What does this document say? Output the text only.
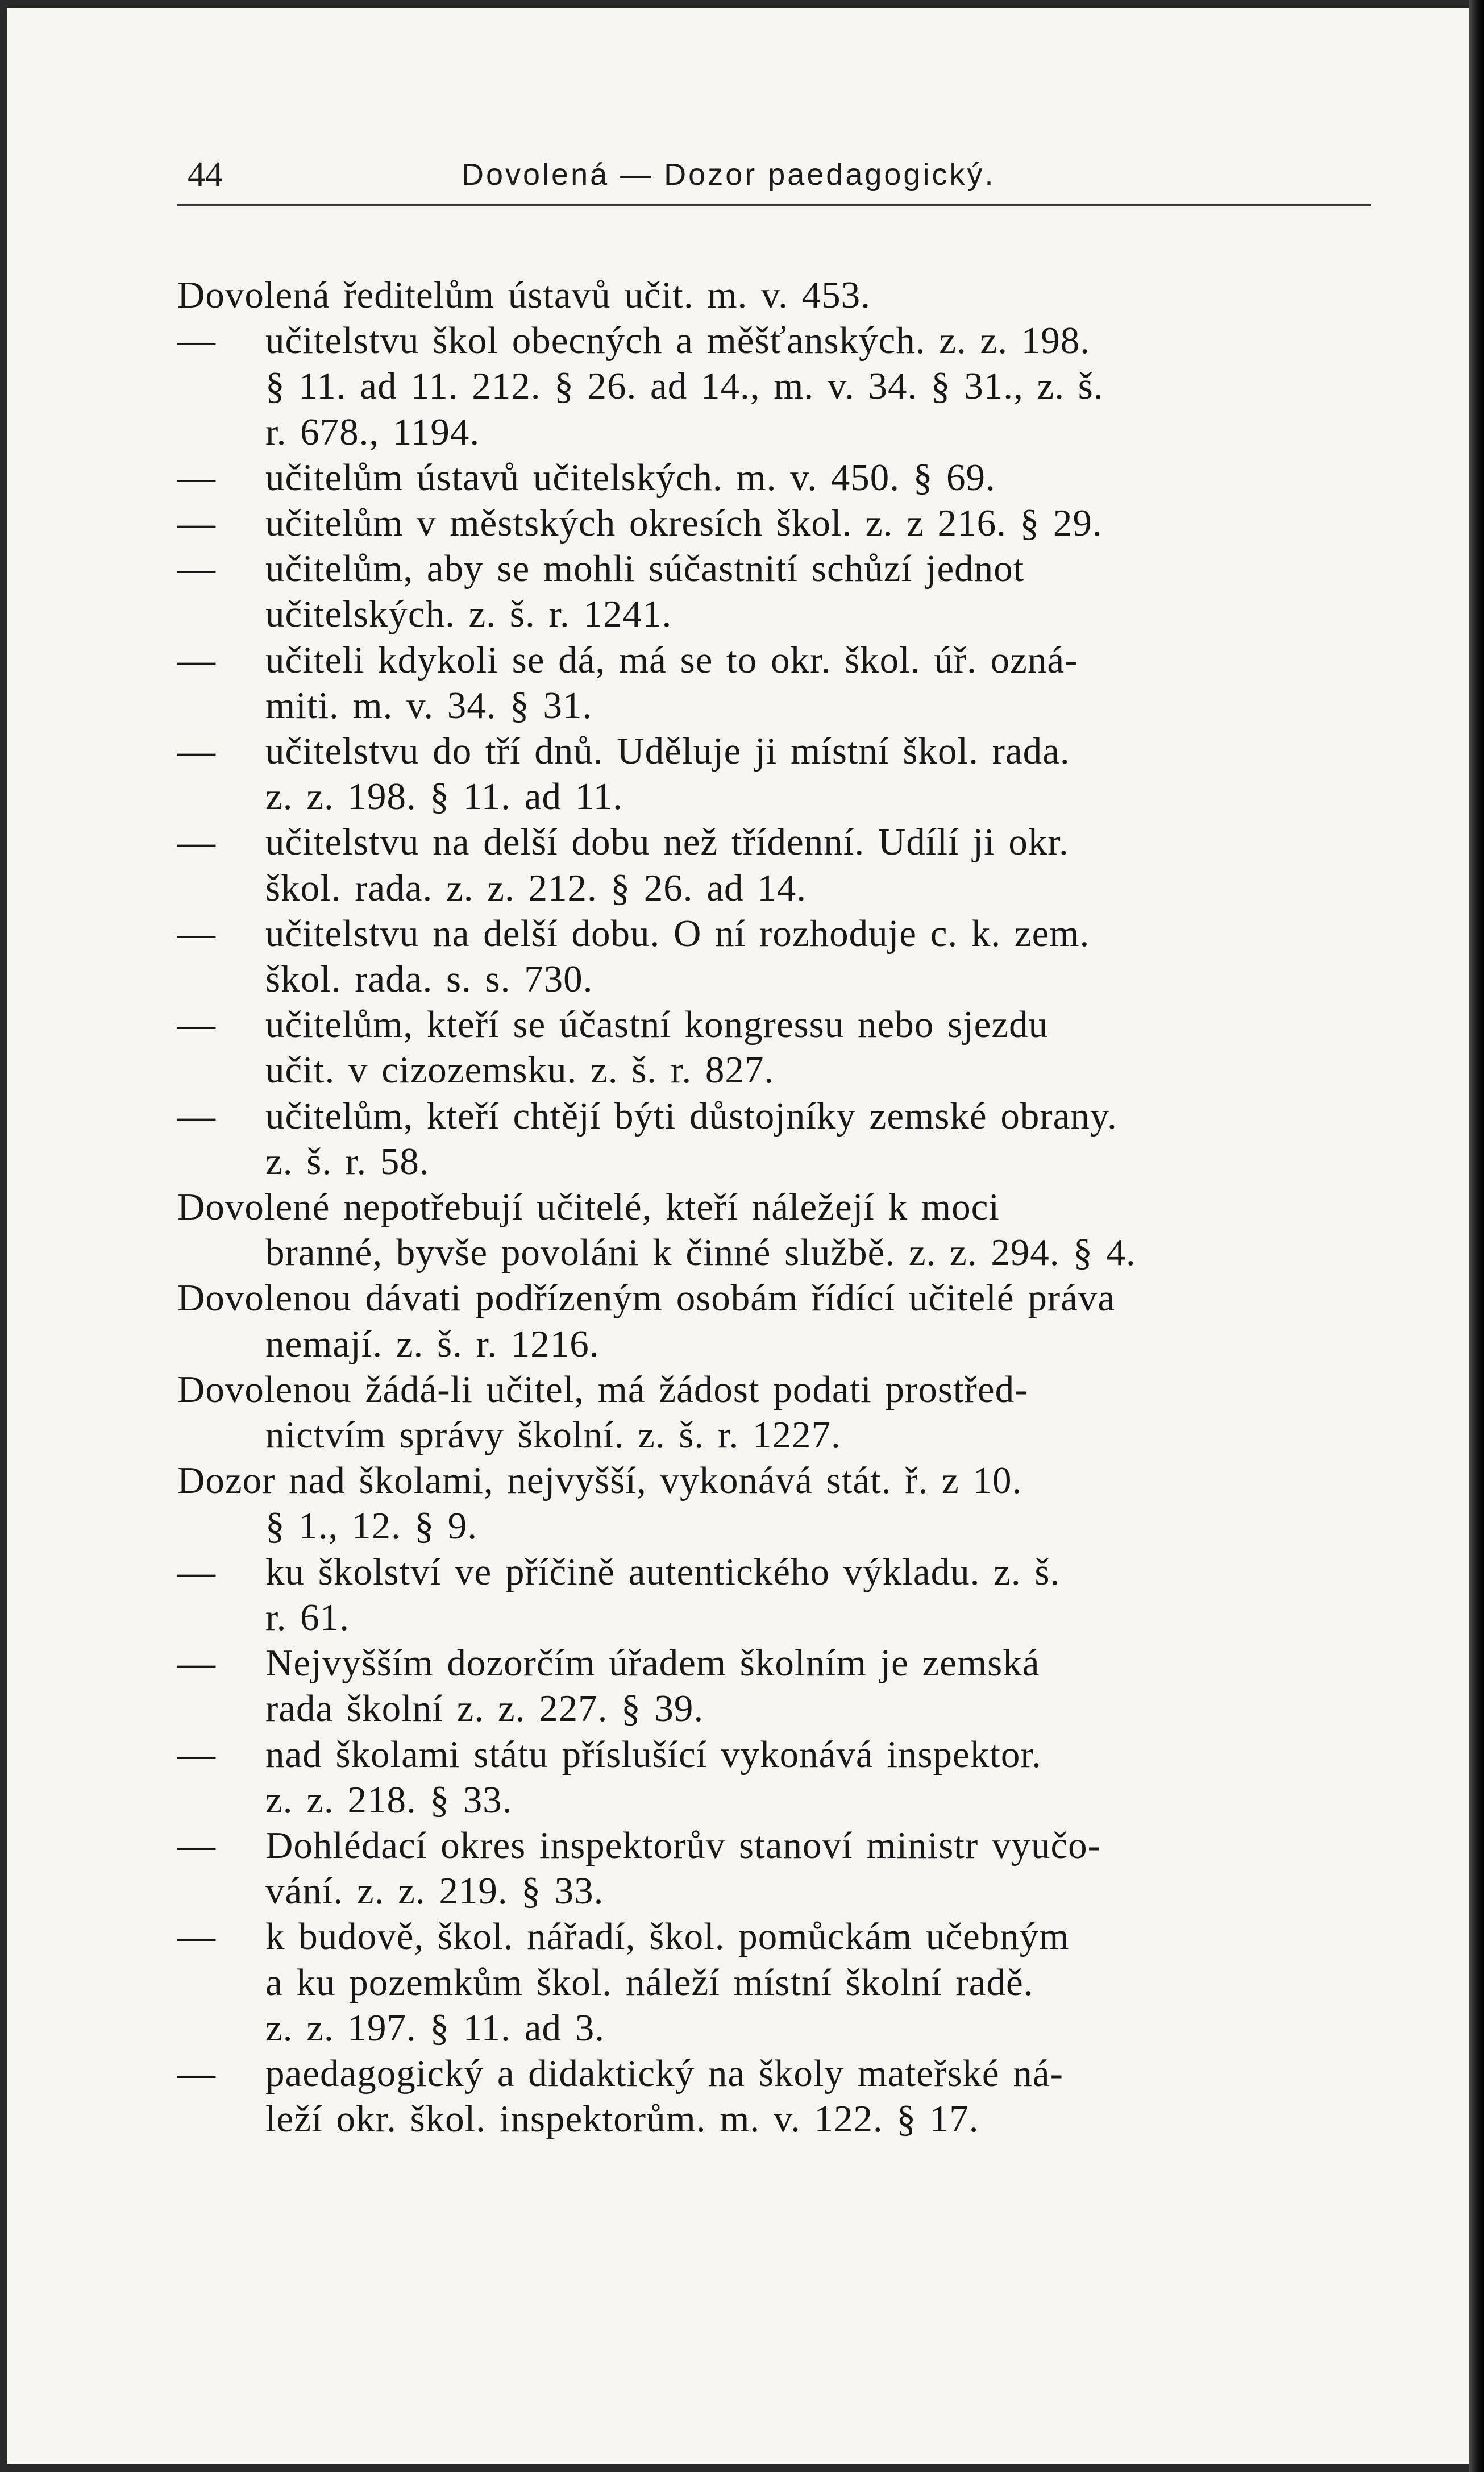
44	Dovolená — Dozor paedagogický.

Dovolená ředitelům ústavů učit. m. v. 453.

— učitelstvu škol obecných a měšťanských. z. z. 198.

§ 11. ad 11. 212. § 26. ad 14., m. v. 34. § 31., z. š.

r. 678., 1194.

— učitelům ústavů učitelských. m. v. 450. § 69.

— učitelům v městských okresích škol. z. z 216. § 29.

— učitelům, aby se mohli súčastnití schůzí jednot

učitelských. z. š. r. 1241.

— učiteli kdykoli se dá, má se to okr. škol. úř. ozná-

miti. m. v. 34. § 31.

— učitelstvu do tří dnů. Uděluje ji místní škol. rada.

z. z. 198. § 11. ad 11.

— učitelstvu na delší dobu než třídenní. Udílí ji okr.

škol. rada. z. z. 212. § 26. ad 14.

— učitelstvu na delší dobu. O ní rozhoduje c. k. zem.

škol. rada. s. s. 730.

— učitelům, kteří se účastní kongressu nebo sjezdu

učit. v cizozemsku. z. š. r. 827.

— učitelům, kteří chtějí býti důstojníky zemské obrany.

z. š. r. 58.

Dovolené nepotřebují učitelé, kteří náležejí k moci

branné, byvše povoláni k činné službě. z. z. 294. § 4.

Dovolenou dávati podřízeným osobám řídící učitelé práva

nemají. z. š. r. 1216.

Dovolenou žádá-li učitel, má žádost podati prostřed-

nictvím správy školní. z. š. r. 1227.

Dozor nad školami, nejvyšší, vykonává stát. ř. z 10.

§ 1., 12. § 9.

— ku školství ve příčině autentického výkladu. z. š.

r. 61.

— Nejvyšším dozorčím úřadem školním je zemská

rada školní z. z. 227. § 39.

— nad školami státu příslušící vykonává inspektor.

z. z. 218. § 33.

— Dohlédací okres inspektorův stanoví ministr vyučo-

vání. z. z. 219. § 33.

— k budově, škol. nářadí, škol. pomůckám učebným

a ku pozemkům škol. náleží místní školní radě.

z. z. 197. § 11. ad 3.

— paedagogický a didaktický na školy mateřské ná-

leží okr. škol. inspektorům. m. v. 122. § 17.
